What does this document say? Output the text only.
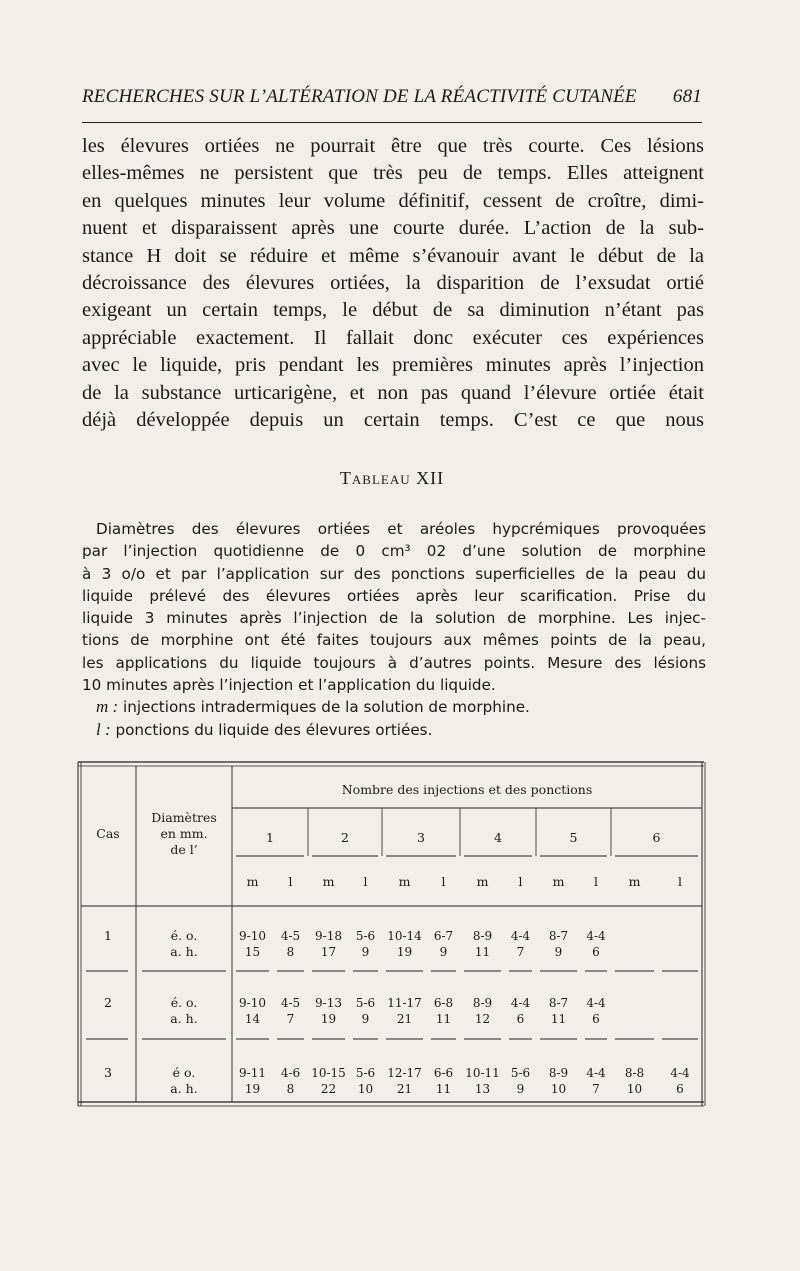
RECHERCHES SUR L’ALTÉRATION DE LA RÉACTIVITÉ CUTANÉE 681
les élevures ortiées ne pourrait être que très courte. Ces lésions
elles-mêmes ne persistent que très peu de temps. Elles atteignent
en quelques minutes leur volume définitif, cessent de croître, dimi-
nuent et disparaissent après une courte durée. L’action de la sub-
stance H doit se réduire et même s’évanouir avant le début de la
décroissance des élevures ortiées, la disparition de l’exsudat ortié
exigeant un certain temps, le début de sa diminution n’étant pas
appréciable exactement. Il fallait donc exécuter ces expériences
avec le liquide, pris pendant les premières minutes après l’injection
de la substance urticarigène, et non pas quand l’élevure ortiée était
déjà développée depuis un certain temps. C’est ce que nous
Tableau XII
Diamètres des élevures ortiées et aréoles hypcrémiques provoquées
par l’injection quotidienne de 0 cm³ 02 d’une solution de morphine
à 3 o/o et par l’application sur des ponctions superficielles de la peau du
liquide prélevé des élevures ortiées après leur scarification. Prise du
liquide 3 minutes après l’injection de la solution de morphine. Les injec-
tions de morphine ont été faites toujours aux mêmes points de la peau,
les applications du liquide toujours à d’autres points. Mesure des lésions
10 minutes après l’injection et l’application du liquide.
m : injections intradermiques de la solution de morphine.
l : ponctions du liquide des élevures ortiées.
Cas
Diamètres
en mm.
de l’
Nombre des injections et des ponctions
1	2	3	4	5	6
m	l	m	l	m	l	m	l	m	l	m	l
1	é. o.
a. h.
9-10	4-5	9-18	5-6	10-14	6-7	8-9	4-4	8-7	4-4
15	8	17	9	19	9	11	7	9	6
2	é. o.
a. h.
9-10	4-5	9-13	5-6	11-17	6-8	8-9	4-4	8-7	4-4
14	7	19	9	21	11	12	6	11	6
3	é o.
a. h.
9-11	4-6 10-15 5-6	12-17	6-6	10-11 5-6	8-9	4-4	8-8	4-4
19	8	22	10	21	11	13	9	10	7	10	6
